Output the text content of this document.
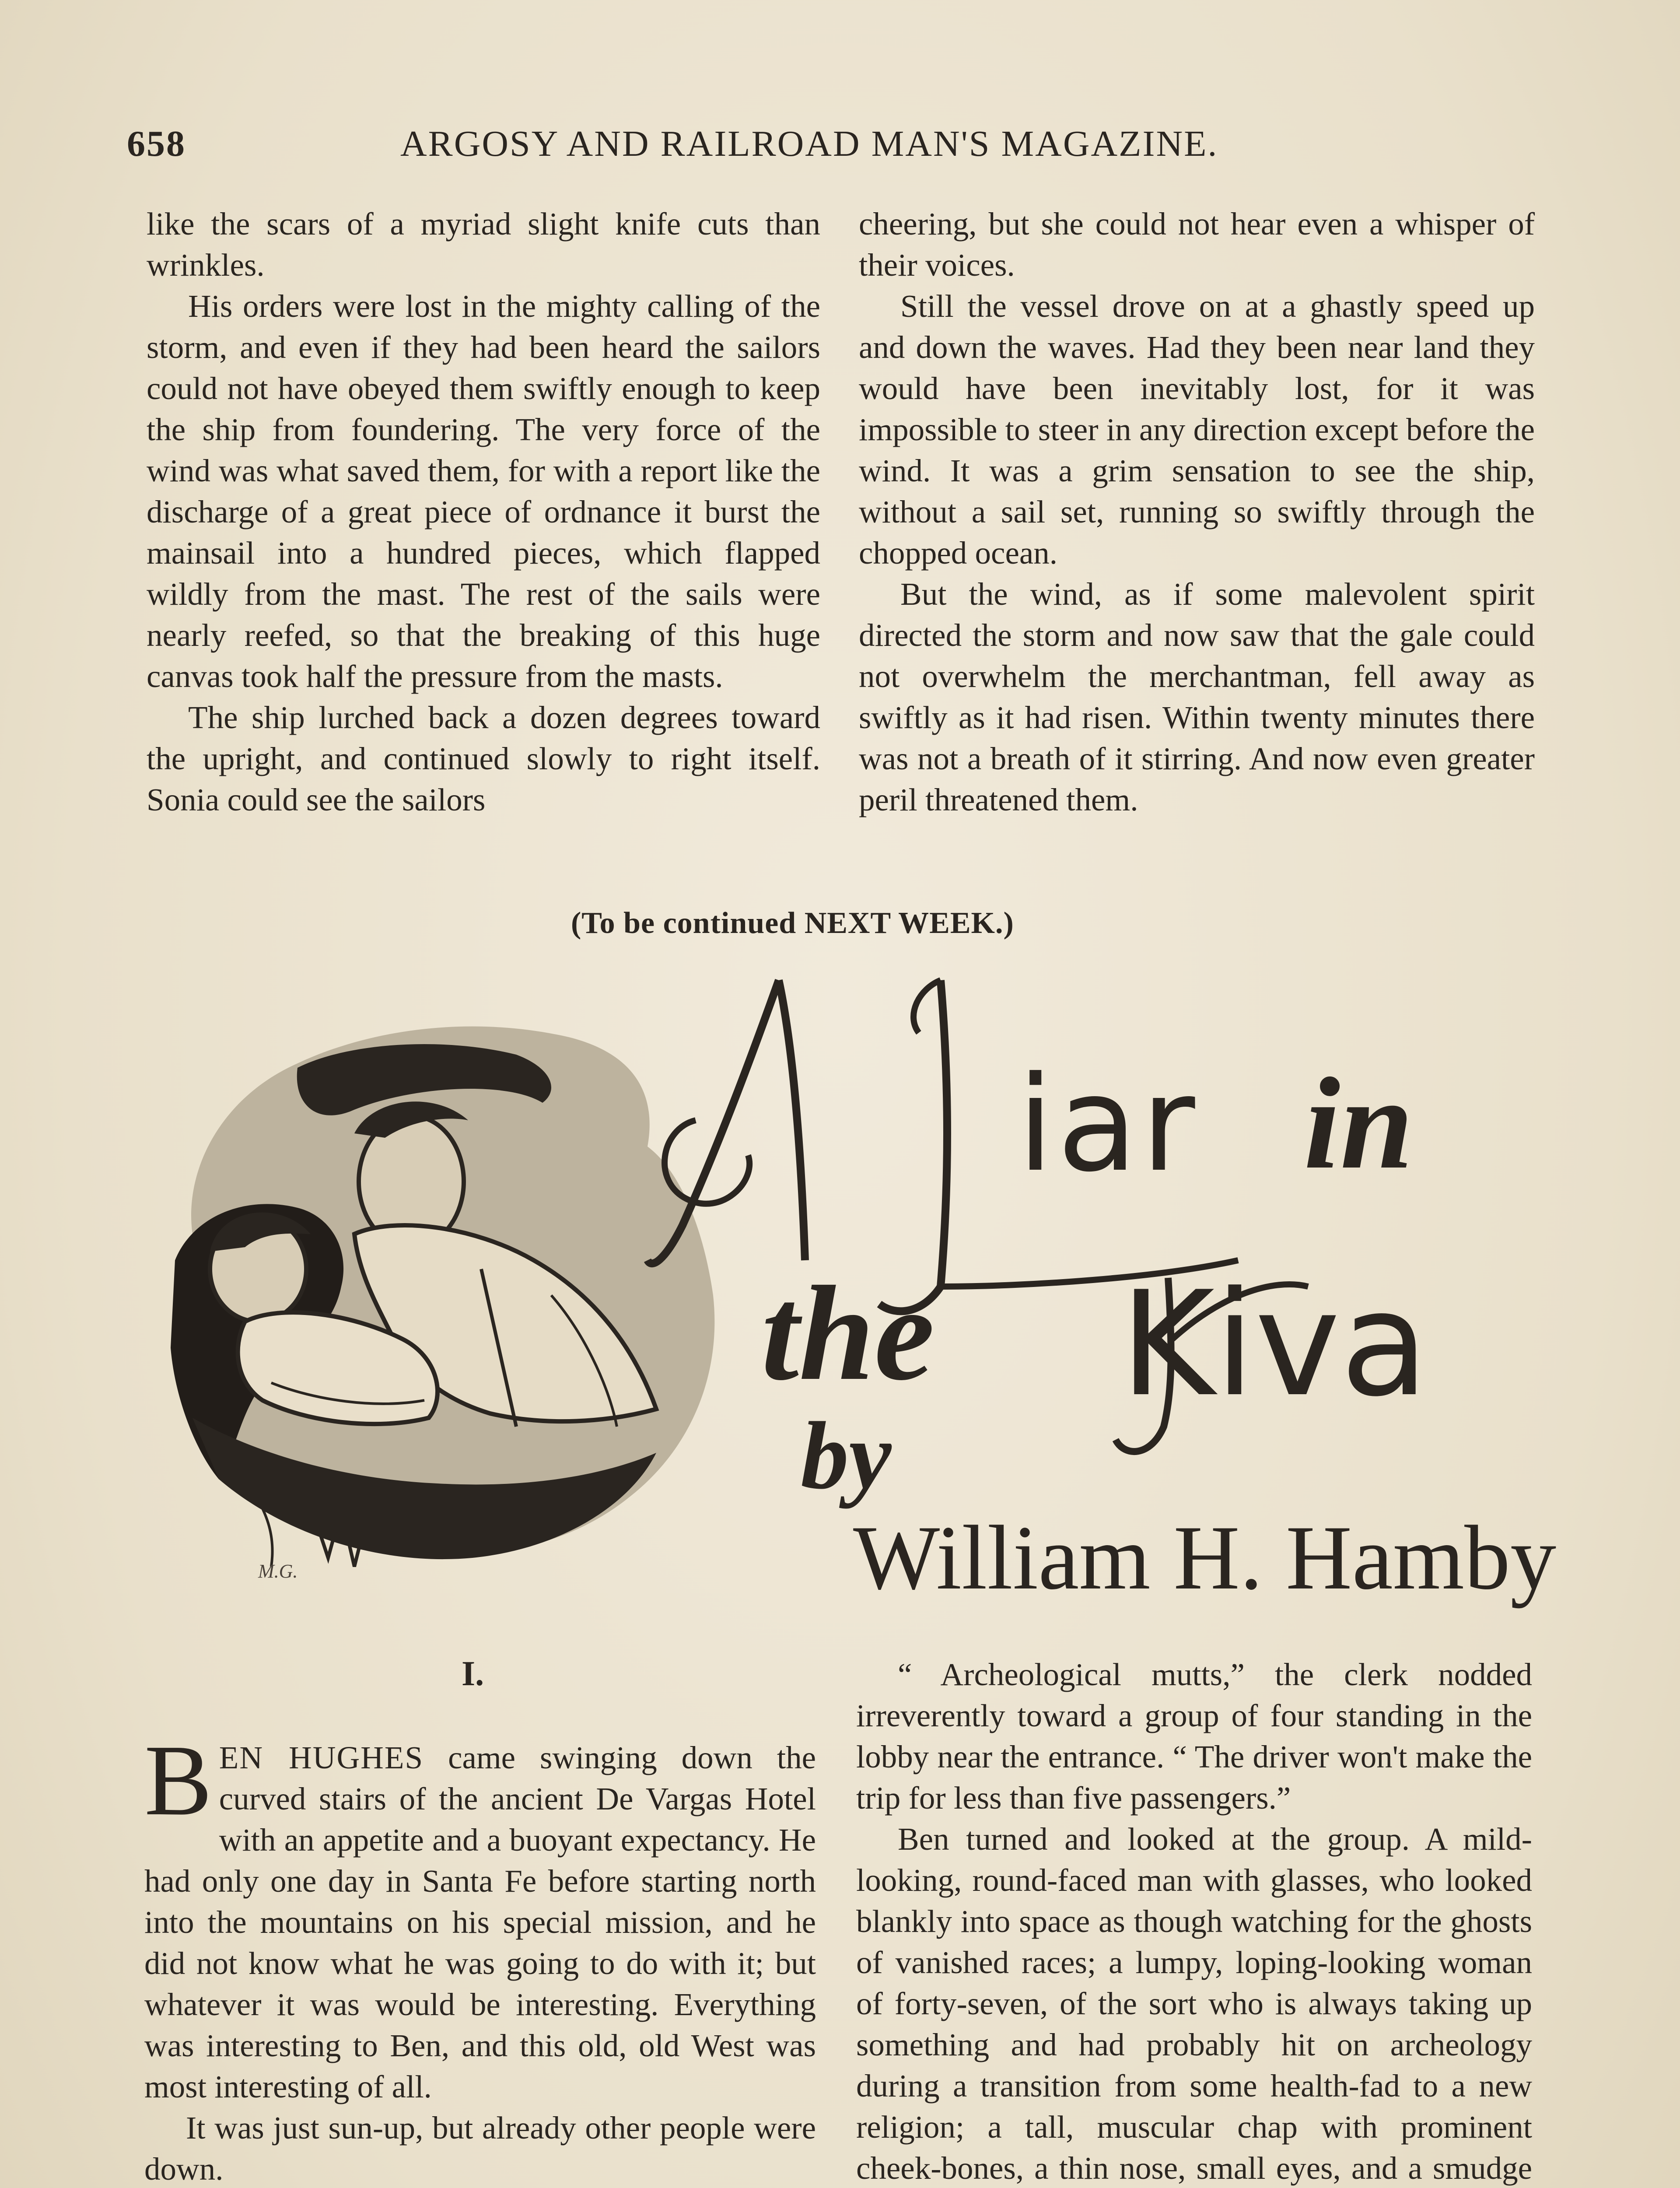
658	ARGOSY AND RAILROAD MAN'S MAGAZINE.

like the scars of a myriad slight knife cuts than wrinkles.

His orders were lost in the mighty calling of the storm, and even if they had been heard the sailors could not have obeyed them swiftly enough to keep the ship from foundering. The very force of the wind was what saved them, for with a report like the discharge of a great piece of ordnance it burst the mainsail into a hundred pieces, which flapped wildly from the mast. The rest of the sails were nearly reefed, so that the breaking of this huge canvas took half the pressure from the masts.

The ship lurched back a dozen degrees toward the upright, and continued slowly to right itself. Sonia could see the sailors

cheering, but she could not hear even a whisper of their voices.

Still the vessel drove on at a ghastly speed up and down the waves. Had they been near land they would have been inevitably lost, for it was impossible to steer in any direction except before the wind. It was a grim sensation to see the ship, without a sail set, running so swiftly through the chopped ocean.

But the wind, as if some malevolent spirit directed the storm and now saw that the gale could not overwhelm the merchantman, fell away as swiftly as it had risen. Within twenty minutes there was not a breath of it stirring. And now even greater peril threatened them.

(To be continued NEXT WEEK.)
M.G.
iar in
the Kiva
by
William H. Hamby
I.

BEN HUGHES came swinging down the curved stairs of the ancient De Vargas Hotel with an appetite and a buoyant expectancy. He had only one day in Santa Fe before starting north into the mountains on his special mission, and he did not know what he was going to do with it; but whatever it was would be interesting. Everything was interesting to Ben, and this old, old West was most interesting of all.

It was just sun-up, but already other people were down.

“ Archeological mutts,” the clerk nodded irreverently toward a group of four standing in the lobby near the entrance. “ The driver won't make the trip for less than five passengers.”

Ben turned and looked at the group. A mild-looking, round-faced man with glasses, who looked blankly into space as though watching for the ghosts of vanished races; a lumpy, loping-looking woman of forty-seven, of the sort who is always taking up something and had probably hit on archeology during a transition from some health-fad to a new religion; a tall, muscular chap with prominent cheek-bones, a thin nose, small eyes, and a smudge
